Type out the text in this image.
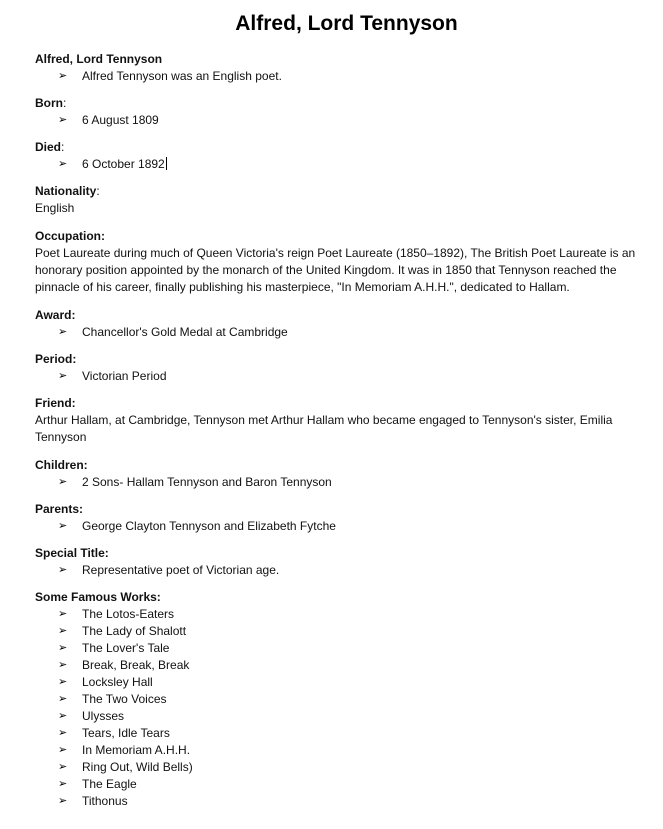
Alfred, Lord Tennyson

Alfred, Lord Tennyson

➢ Alfred Tennyson was an English poet.

Born:

➢ 6 August 1809

Died:

➢ 6 October 1892

Nationality:

English

Occupation:

Poet Laureate during much of Queen Victoria's reign Poet Laureate (1850–1892), The British Poet Laureate is an honorary position appointed by the monarch of the United Kingdom. It was in 1850 that Tennyson reached the pinnacle of his career, finally publishing his masterpiece, "In Memoriam A.H.H.", dedicated to Hallam.

Award:

➢ Chancellor's Gold Medal at Cambridge

Period:

➢ Victorian Period

Friend:

Arthur Hallam, at Cambridge, Tennyson met Arthur Hallam who became engaged to Tennyson's sister, Emilia Tennyson

Children:

➢ 2 Sons- Hallam Tennyson and Baron Tennyson

Parents:

➢ George Clayton Tennyson and Elizabeth Fytche

Special Title:

➢ Representative poet of Victorian age.

Some Famous Works:

➢ The Lotos-Eaters
➢ The Lady of Shalott
➢ The Lover's Tale
➢ Break, Break, Break
➢ Locksley Hall
➢ The Two Voices
➢ Ulysses
➢ Tears, Idle Tears
➢ In Memoriam A.H.H.
➢ Ring Out, Wild Bells)
➢ The Eagle
➢ Tithonus
